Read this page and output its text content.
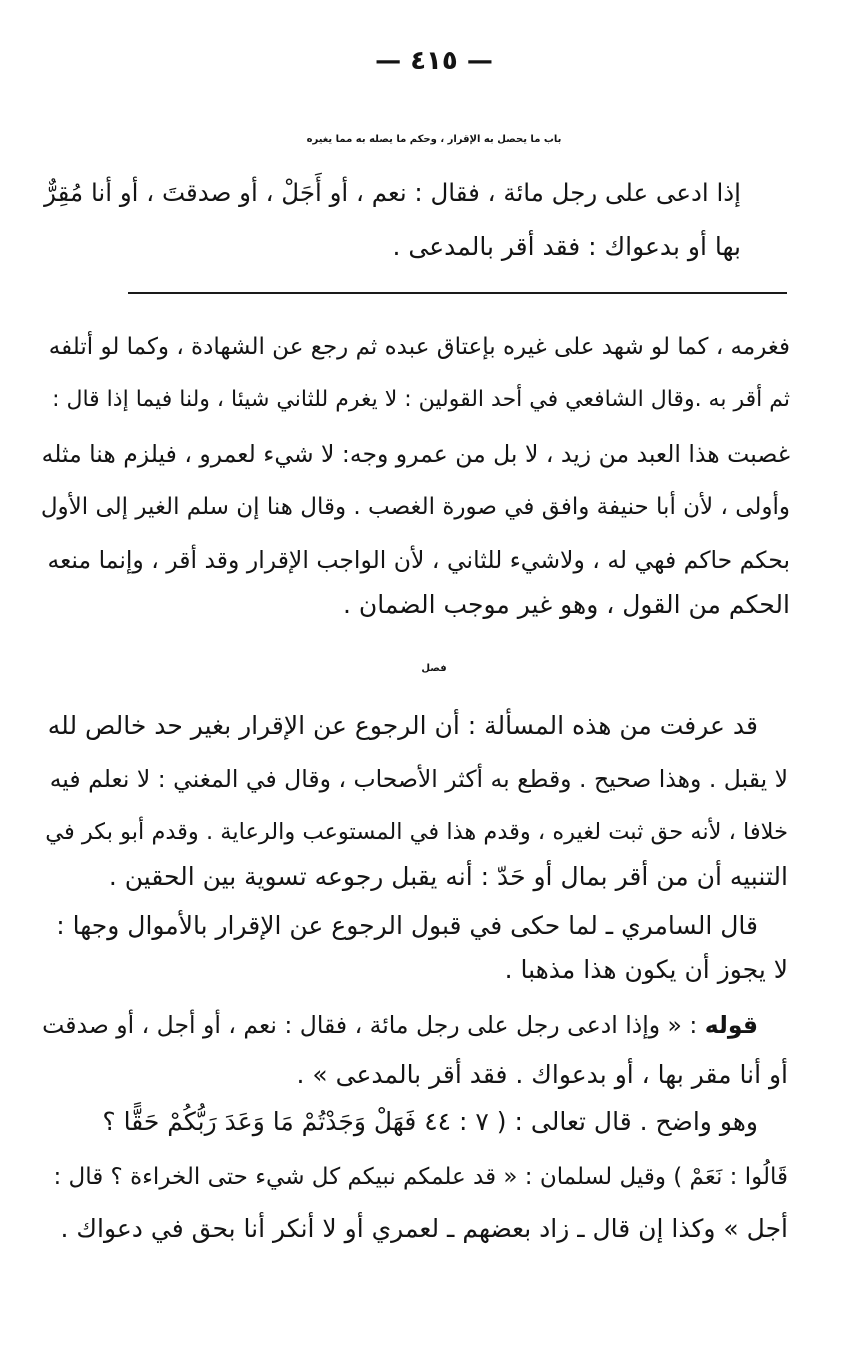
— ٤١٥ —
باب ما يحصل به الإقرار ، وحكم ما يصله به مما يغيره
إذا ادعى على رجل مائة ، فقال : نعم ، أو أَجَلْ ، أو صدقتَ ، أو أنا مُقِرٌّ
بها أو بدعواك : فقد أقر بالمدعى .
فغرمه ، كما لو شهد على غيره بإعتاق عبده ثم رجع عن الشهادة ، وكما لو أتلفه
ثم أقر به .وقال الشافعي في أحد القولين : لا يغرم للثاني شيئا ، ولنا فيما إذا قال :
غصبت هذا العبد من زيد ، لا بل من عمرو وجه: لا شيء لعمرو ، فيلزم هنا مثله
وأولى ، لأن أبا حنيفة وافق في صورة الغصب . وقال هنا إن سلم الغير إلى الأول
بحكم حاكم فهي له ، ولاشيء للثاني ، لأن الواجب الإقرار وقد أقر ، وإنما منعه
الحكم من القول ، وهو غير موجب الضمان .
فصل
قد عرفت من هذه المسألة : أن الرجوع عن الإقرار بغير حد خالص لله
لا يقبل . وهذا صحيح . وقطع به أكثر الأصحاب ، وقال في المغني : لا نعلم فيه
خلافا ، لأنه حق ثبت لغيره ، وقدم هذا في المستوعب والرعاية . وقدم أبو بكر في
التنبيه أن من أقر بمال أو حَدّ : أنه يقبل رجوعه تسوية بين الحقين .
قال السامري ـ لما حكى في قبول الرجوع عن الإقرار بالأموال وجها :
لا يجوز أن يكون هذا مذهبا .
قوله : « وإذا ادعى رجل على رجل مائة ، فقال : نعم ، أو أجل ، أو صدقت
أو أنا مقر بها ، أو بدعواك . فقد أقر بالمدعى » .
وهو واضح . قال تعالى : ( ٧ : ٤٤ فَهَلْ وَجَدْتُمْ مَا وَعَدَ رَبُّكُمْ حَقًّا ؟
قَالُوا : نَعَمْ ) وقيل لسلمان : « قد علمكم نبيكم كل شيء حتى الخراءة ؟ قال :
أجل » وكذا إن قال ـ زاد بعضهم ـ لعمري أو لا أنكر أنا بحق في دعواك .
